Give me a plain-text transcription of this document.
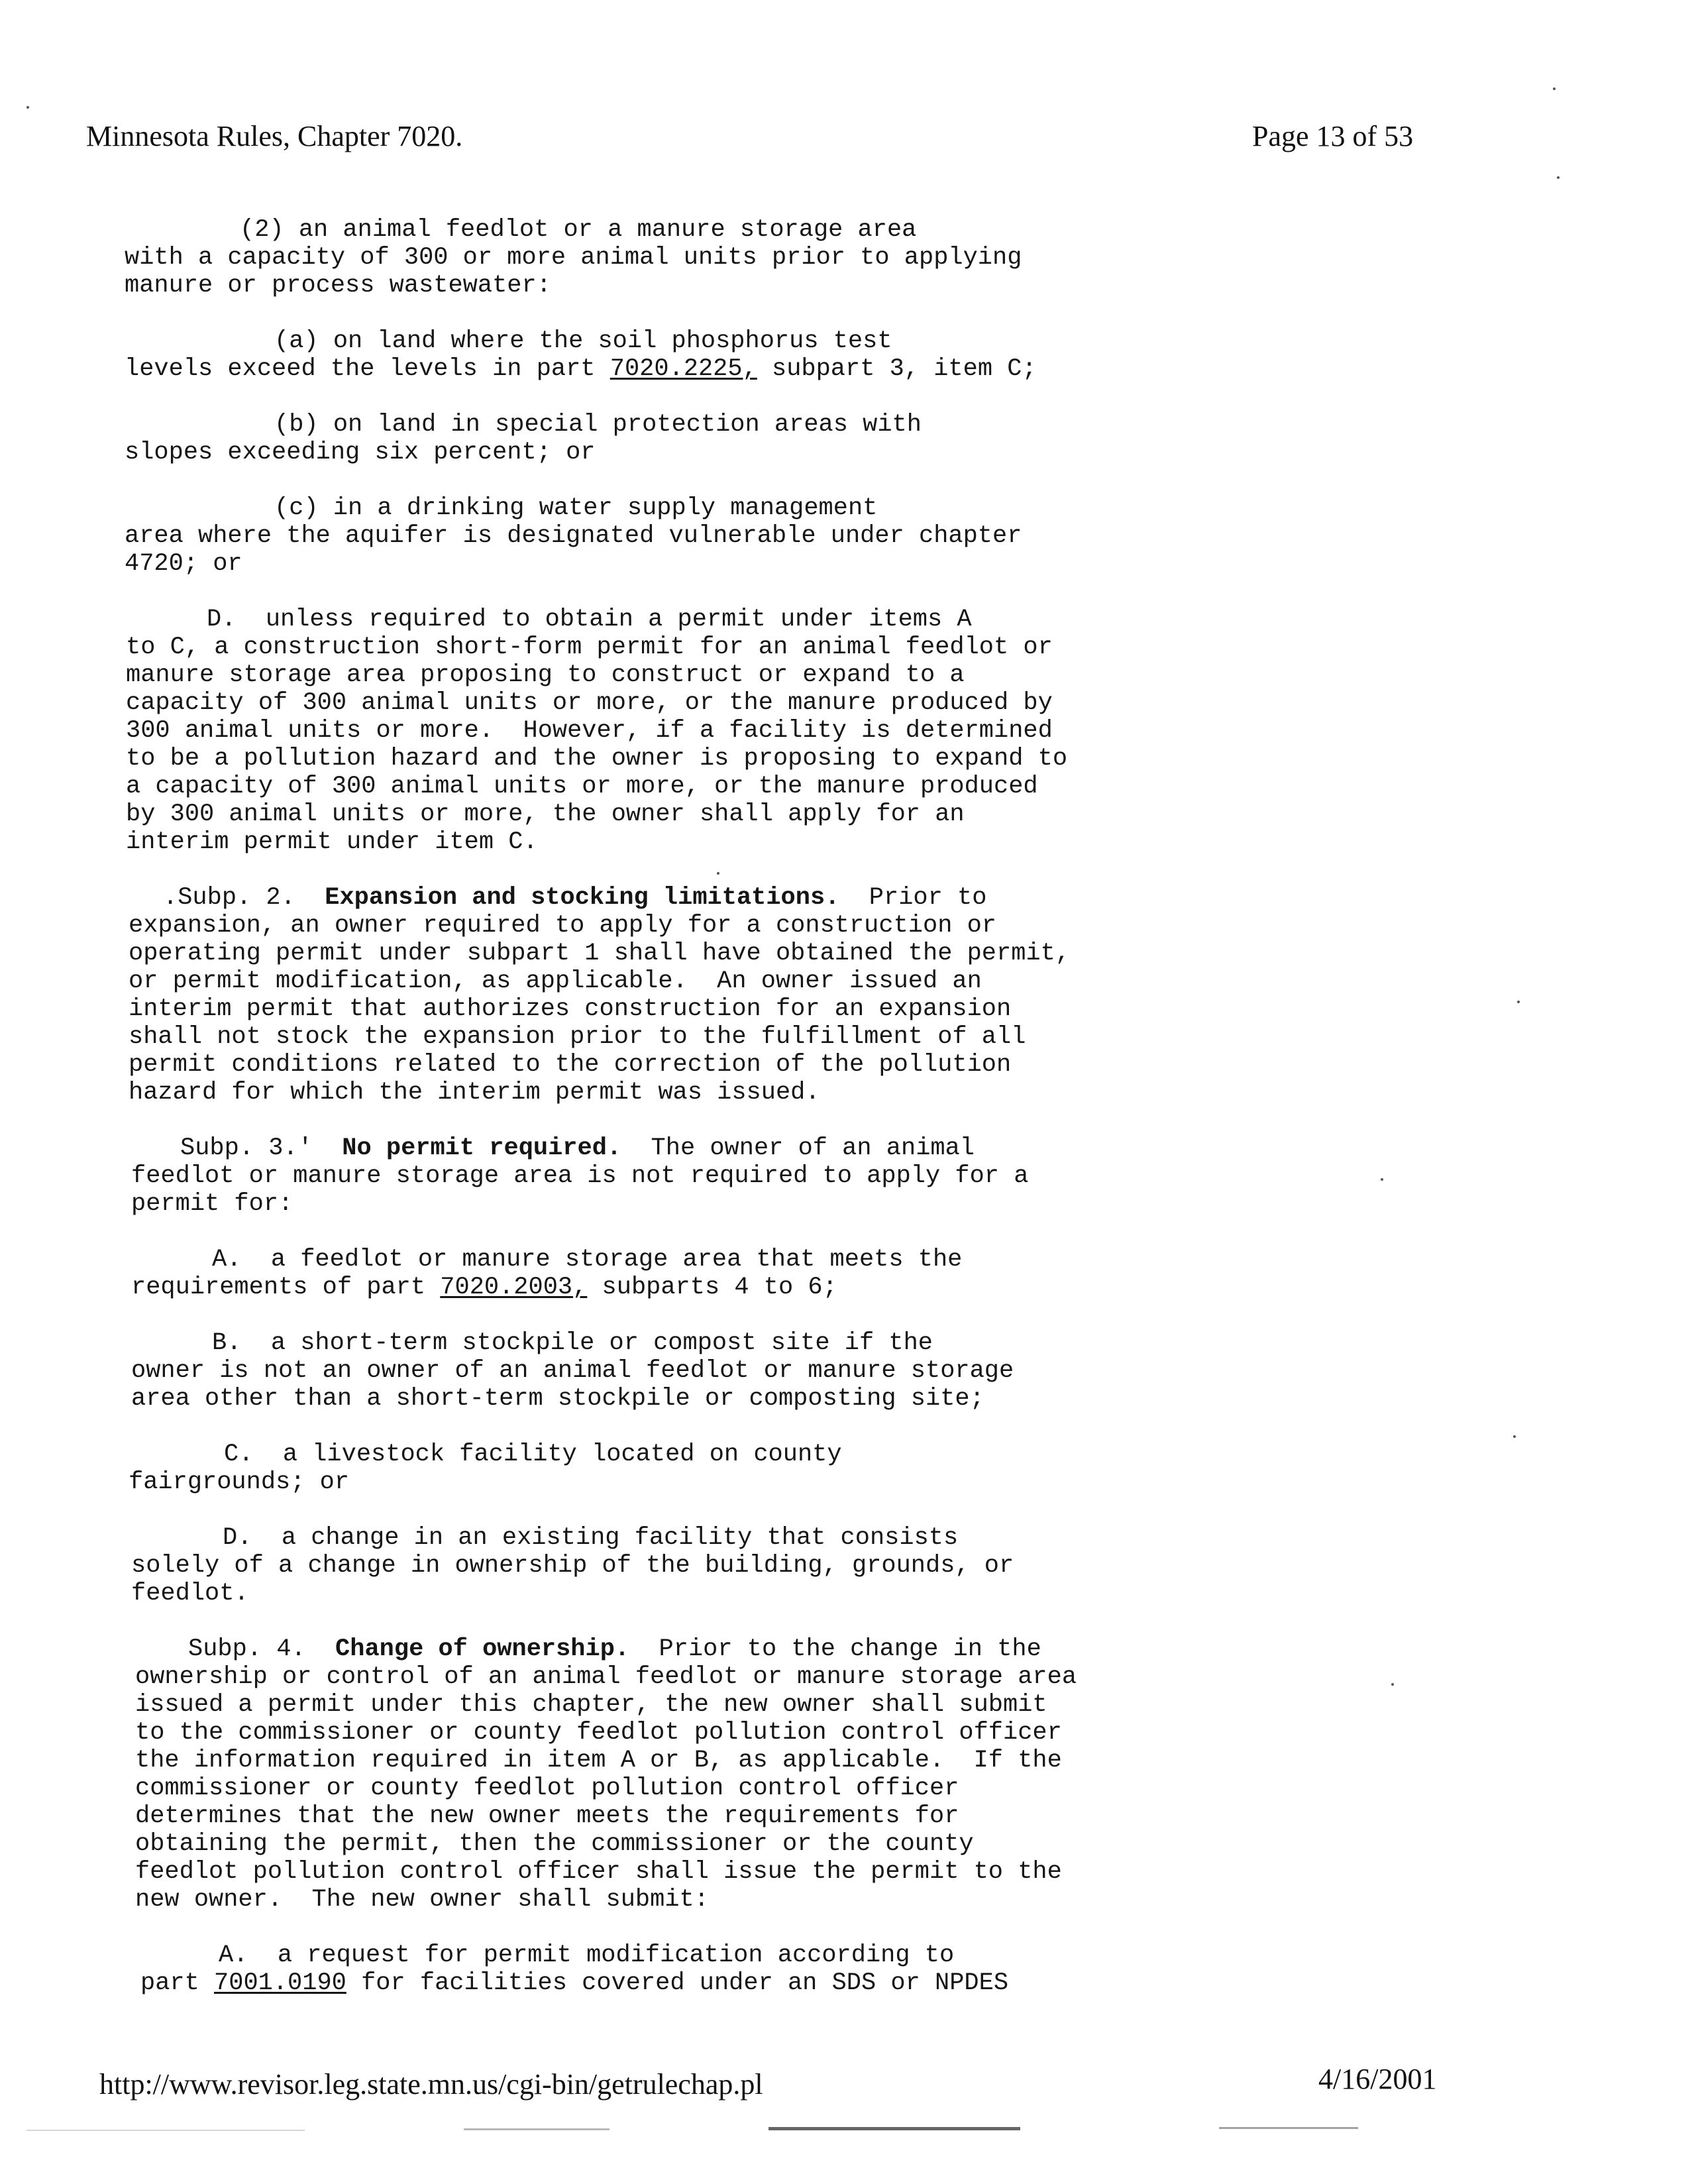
Minnesota Rules, Chapter 7020.	Page 13 of 53
(2) an animal feedlot or a manure storage area
with a capacity of 300 or more animal units prior to applying
manure or process wastewater:
(a) on land where the soil phosphorus test
levels exceed the levels in part 7020.2225, subpart 3, item C;
(b) on land in special protection areas with
slopes exceeding six percent; or
(c) in a drinking water supply management
area where the aquifer is designated vulnerable under chapter
4720; or
D.  unless required to obtain a permit under items A
to C, a construction short-form permit for an animal feedlot or
manure storage area proposing to construct or expand to a
capacity of 300 animal units or more, or the manure produced by
300 animal units or more.  However, if a facility is determined
to be a pollution hazard and the owner is proposing to expand to
a capacity of 300 animal units or more, or the manure produced
by 300 animal units or more, the owner shall apply for an
interim permit under item C.
.Subp. 2.  Expansion and stocking limitations.  Prior to
expansion, an owner required to apply for a construction or
operating permit under subpart 1 shall have obtained the permit,
or permit modification, as applicable.  An owner issued an
interim permit that authorizes construction for an expansion
shall not stock the expansion prior to the fulfillment of all
permit conditions related to the correction of the pollution
hazard for which the interim permit was issued.
Subp. 3.'  No permit required.  The owner of an animal
feedlot or manure storage area is not required to apply for a
permit for:
A.  a feedlot or manure storage area that meets the
requirements of part 7020.2003, subparts 4 to 6;
B.  a short-term stockpile or compost site if the
owner is not an owner of an animal feedlot or manure storage
area other than a short-term stockpile or composting site;
C.  a livestock facility located on county
fairgrounds; or
D.  a change in an existing facility that consists
solely of a change in ownership of the building, grounds, or
feedlot.
Subp. 4.  Change of ownership.  Prior to the change in the
ownership or control of an animal feedlot or manure storage area
issued a permit under this chapter, the new owner shall submit
to the commissioner or county feedlot pollution control officer
the information required in item A or B, as applicable.  If the
commissioner or county feedlot pollution control officer
determines that the new owner meets the requirements for
obtaining the permit, then the commissioner or the county
feedlot pollution control officer shall issue the permit to the
new owner.  The new owner shall submit:
A.  a request for permit modification according to
part 7001.0190 for facilities covered under an SDS or NPDES
http://www.revisor.leg.state.mn.us/cgi-bin/getrulechap.pl	4/16/2001
